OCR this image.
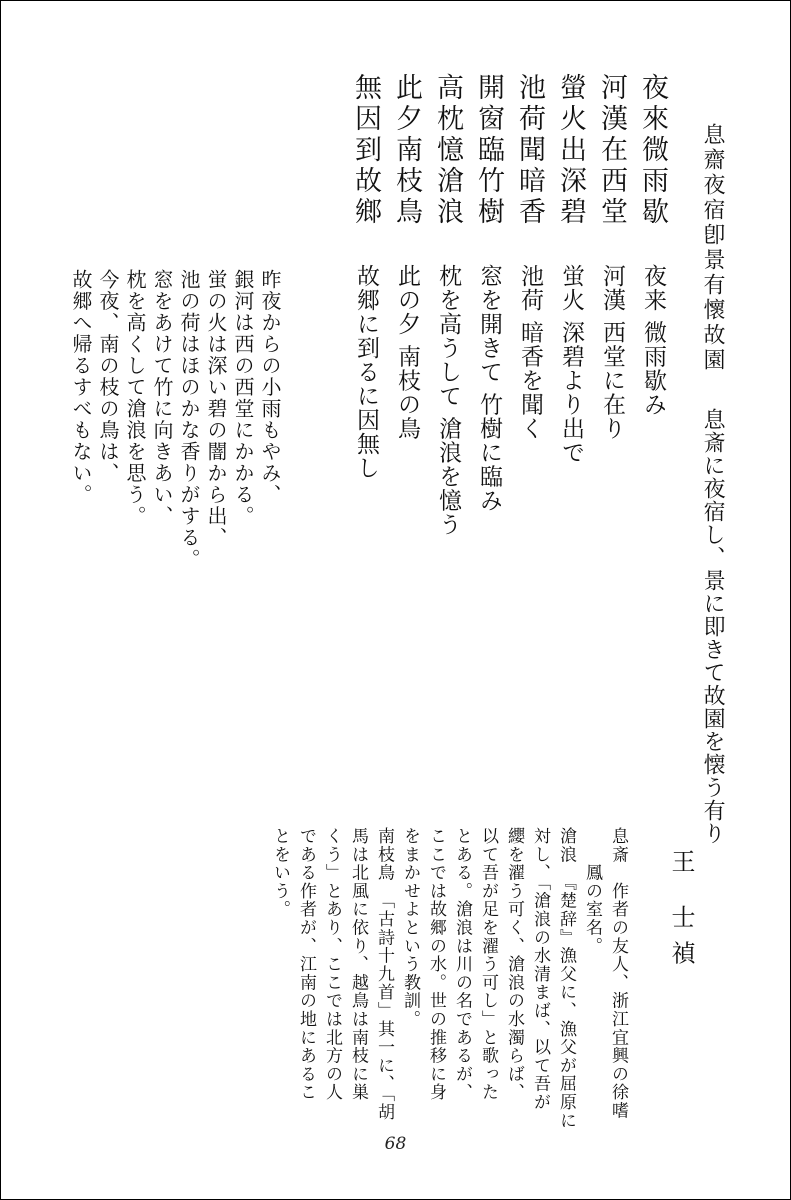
息齋夜宿卽景有懷故園
息斎に夜宿し、景に即きて故園を懐う有り
夜來微雨歇
河漢在西堂
螢火出深碧
池荷聞暗香
開窗臨竹樹
高枕憶滄浪
此夕南枝鳥
無因到故鄉
夜来 微雨歇み
河漢 西堂に在り
蛍火 深碧より出で
池荷 暗香を聞く
窓を開きて 竹樹に臨み
枕を高うして 滄浪を憶う
此の夕 南枝の鳥
故郷に到るに因無し
昨夜からの小雨もやみ、
銀河は西の西堂にかかる。
蛍の火は深い碧の闇から出、
池の荷はほのかな香りがする。
窓をあけて竹に向きあい、
枕を高くして滄浪を思う。
今夜、南の枝の鳥は、
故郷へ帰るすべもない。
王 士禎
息斎　作者の友人、浙江宜興の徐嗜
　　鳳の室名。
滄浪　『楚辞』漁父に、漁父が屈原に
対し、「滄浪の水清まば、以て吾が
纓を濯う可く、滄浪の水濁らば、
以て吾が足を濯う可し」と歌った
とある。滄浪は川の名であるが、
ここでは故郷の水。世の推移に身
をまかせよという教訓。
南枝鳥　「古詩十九首」其一に、「胡
馬は北風に依り、越鳥は南枝に巣
くう」とあり、ここでは北方の人
である作者が、江南の地にあるこ
とをいう。
68
